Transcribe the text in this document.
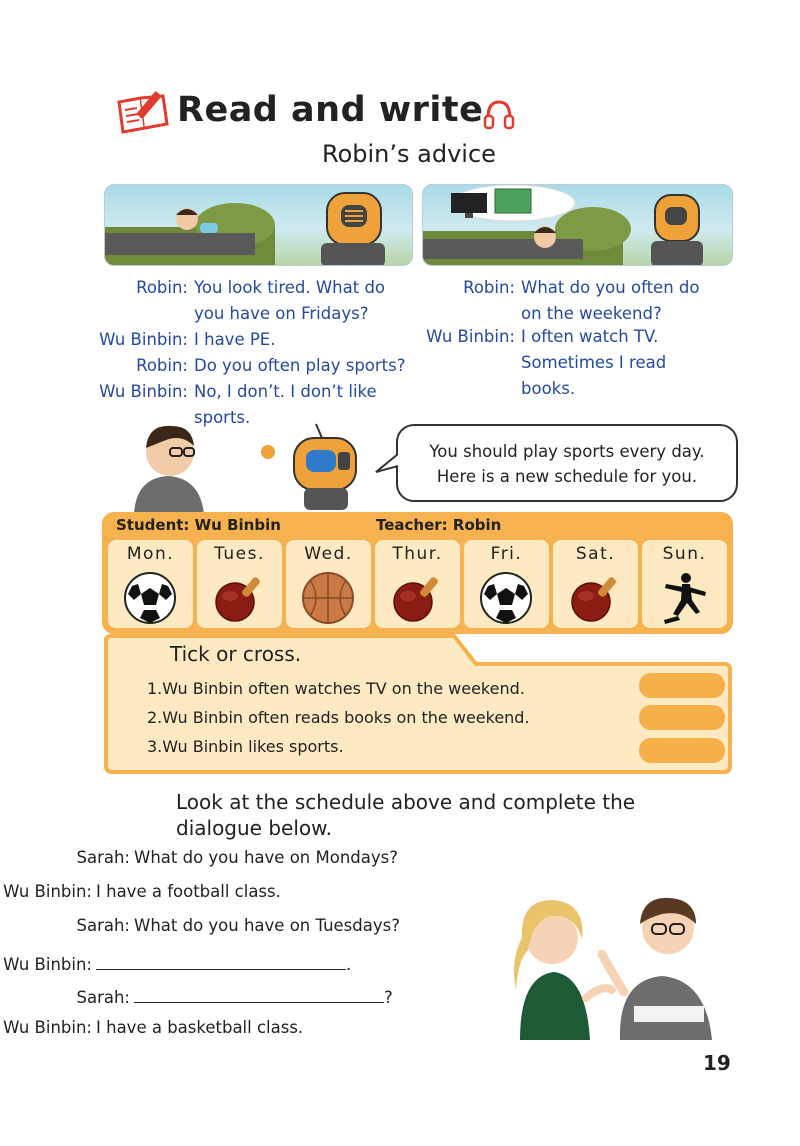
Read and write
Robin’s advice
Robin: You look tired. What do
you have on Fridays?
Wu Binbin: I have PE.
Robin: Do you often play sports?
Wu Binbin: No, I don’t. I don’t like
sports.
Robin: What do you often do
on the weekend?
Wu Binbin: I often watch TV.
Sometimes I read
books.
You should play sports every day.
Here is a new schedule for you.
Student: Wu Binbin	Teacher: Robin
Mon.	Tues.	Wed.	Thur.	Fri.	Sat.	Sun.
Tick or cross.
1.Wu Binbin often watches TV on the weekend.
2.Wu Binbin often reads books on the weekend.
3.Wu Binbin likes sports.
Look at the schedule above and complete the
dialogue below.
Sarah: What do you have on Mondays?
Wu Binbin: I have a football class.
Sarah: What do you have on Tuesdays?
Wu Binbin:	.
Sarah:	?
Wu Binbin: I have a basketball class.
19
